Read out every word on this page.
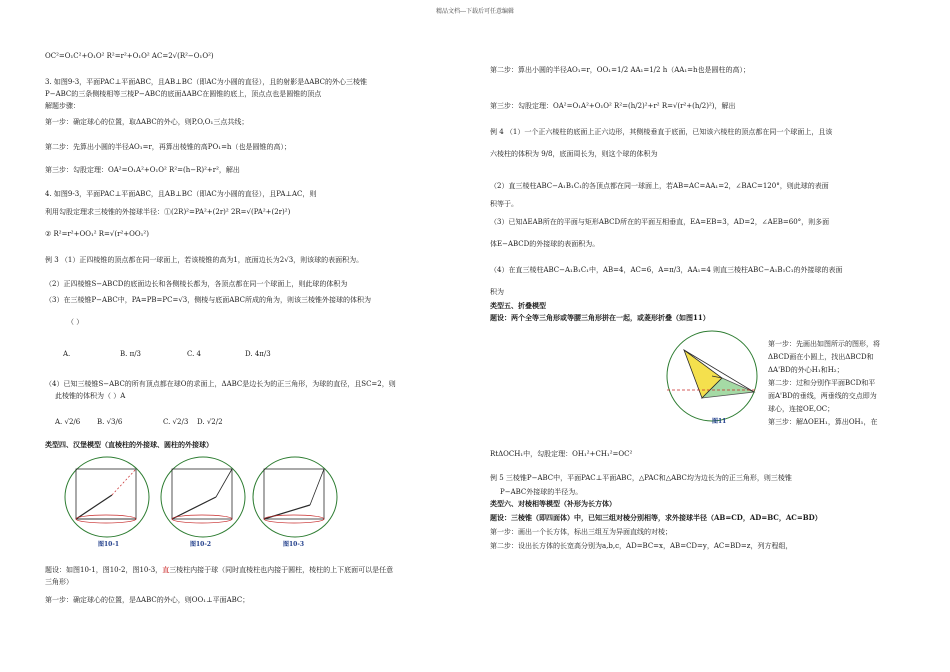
精品文档---下载后可任意编辑
OC²=O₁C²+O₁O² R²=r²+O₁O² AC=2√(R²−O₁O²)
3. 如图9-3，平面PAC⊥平面ABC，且AB⊥BC（即AC为小圆的直径），且的射影是ΔABC的外心三棱锥
P−ABC的三条侧棱相等三棱P−ABC的底面ΔABC在圆锥的底上，顶点点也是圆锥的顶点
解题步骤：
第一步：确定球心的位置，取ΔABC的外心，则P,O,O₁三点共线；
第二步：先算出小圆的半径AO₁=r，再算出棱锥的高PO₁=h（也是圆锥的高）；
第三步：勾股定理：OA²=O₁A²+O₁O² R²=(h−R)²+r²，解出
4. 如图9-3，平面PAC⊥平面ABC，且AB⊥BC（即AC为小圆的直径），且PA⊥AC，则
利用勾股定理求三棱锥的外接球半径：①(2R)²=PA²+(2r)² 2R=√(PA²+(2r)²)
② R²=r²+OO₁² R=√(r²+OO₁²)
例 3 （1）正四棱锥的顶点都在同一球面上，若该棱锥的高为1，底面边长为2√3，则该球的表面积为。
（2）正四棱锥S−ABCD的底面边长和各侧棱长都为，各顶点都在同一个球面上，则此球的体积为
（3）在三棱锥P−ABC中，PA=PB=PC=√3，侧棱与底面ABC所成的角为，则该三棱锥外接球的体积为
（ ）
A.	B. π/3	C. 4	D. 4π/3
（4）已知三棱锥S−ABC的所有顶点都在球O的求面上，ΔABC是边长为的正三角形，为球的直径，且SC=2，则
此棱锥的体积为（ ）A
A. √2/6 B. √3/6	C. √2/3 D. √2/2
第二步：算出小圆的半径AO₁=r，OO₁=1/2 AA₁=1/2 h（AA₁=h也是圆柱的高）；
第三步：勾股定理：OA²=O₁A²+O₁O² R²=(h/2)²+r² R=√(r²+(h/2)²)，解出
例 4 （1）一个正六棱柱的底面上正六边形，其侧棱垂直于底面，已知该六棱柱的顶点都在同一个球面上，且该
六棱柱的体积为 9/8，底面周长为，则这个球的体积为
（2）直三棱柱ABC−A₁B₁C₁的各顶点都在同一球面上，若AB=AC=AA₁=2，∠BAC=120°，则此球的表面
积等于。
（3）已知ΔEAB所在的平面与矩形ABCD所在的平面互相垂直，EA=EB=3，AD=2，∠AEB=60°，则多面
体E−ABCD的外接球的表面积为。
（4）在直三棱柱ABC−A₁B₁C₁中，AB=4，AC=6，A=π/3，AA₁=4 则直三棱柱ABC−A₁B₁C₁的外接球的表面
积为
RtΔOCH₁中，勾股定理：OH₁²+CH₁²=OC²
例 5 三棱锥P−ABC中，平面PAC⊥平面ABC，△PAC和△ABC均为边长为的正三角形，则三棱锥
P−ABC外接球的半径为。
类型四、汉堡模型（直棱柱的外接球、圆柱的外接球）
图10-1	图10-2	图10-3
题设：如图10-1，图10-2，图10-3，直三棱柱内接于球（同时直棱柱也内接于圆柱，棱柱的上下底面可以是任意
三角形）
第一步：确定球心的位置，是ΔABC的外心，则OO₁⊥平面ABC；
类型五、折叠模型
题设：两个全等三角形或等腰三角形拼在一起，或菱形折叠（如图11）
图11
第一步：先画出如图所示的图形，将
ΔBCD画在小圆上，找出ΔBCD和
ΔA'BD的外心H₁和H₂；
第二步：过和分别作平面BCD和平
面A'BD的垂线，两垂线的交点即为
球心，连接OE,OC；
第三步：解ΔOEH₁，算出OH₁，在
类型六、对棱相等模型（补形为长方体）
题设：三棱锥（即四面体）中，已知三组对棱分别相等，求外接球半径（AB=CD，AD=BC，AC=BD）
第一步：画出一个长方体，标出三组互为异面直线的对棱；
第二步：设出长方体的长宽高分别为a,b,c，AD=BC=x，AB=CD=y，AC=BD=z，列方程组，
